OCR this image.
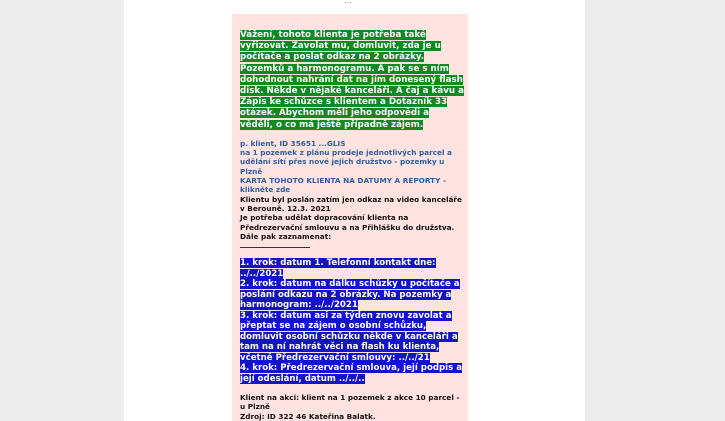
...

Vážení, tohoto klienta je potřeba také vyřizovat. Zavolat mu, domluvit, zda je u počítače a poslat odkaz na 2 obrázky. Pozemků a harmonogramu. A pak se s ním dohodnout nahrání dat na jím donesený flash disk. Někde v nějaké kanceláři. A čaj a kávu a Zápis ke schůzce s klientem a Dotazník 33 otázek. Abychom měli jeho odpovědi a věděli, o co má ještě případně zájem.

p. klient, ID 35651 ...GLIS

na 1 pozemek z plánu prodeje jednotlivých parcel a udělání sítí přes nové jejich družstvo - pozemky u Plzně

KARTA TOHOTO KLIENTA NA DATUMY A REPORTY - klikněte zde

Klientu byl poslán zatím jen odkaz na video kanceláře v Berouně. 12.3. 2021

Je potřeba udělat dopracování klienta na Předrezervační smlouvu a na Přihlášku do družstva.

Dále pak zaznamenat:

1. krok: datum 1. Telefonní kontakt dne: ../../2021

2. krok: datum na dálku schůzky u počítače a poslání odkazu na 2 obrázky. Na pozemky a harmonogram: ../../2021

3. krok: datum asi za týden znovu zavolat a přeptat se na zájem o osobní schůzku, domluvit osobní schůzku někde v kanceláři a tam na ní nahrát věci na flash ku klienta, včetně Předrezervační smlouvy: ../../21

4. krok: Předrezervační smlouva, její podpis a její odeslání, datum ../../..

Klient na akci: klient na 1 pozemek z akce 10 parcel - u Plzně

Zdroj: ID 322 46 Kateřina Balatk.
